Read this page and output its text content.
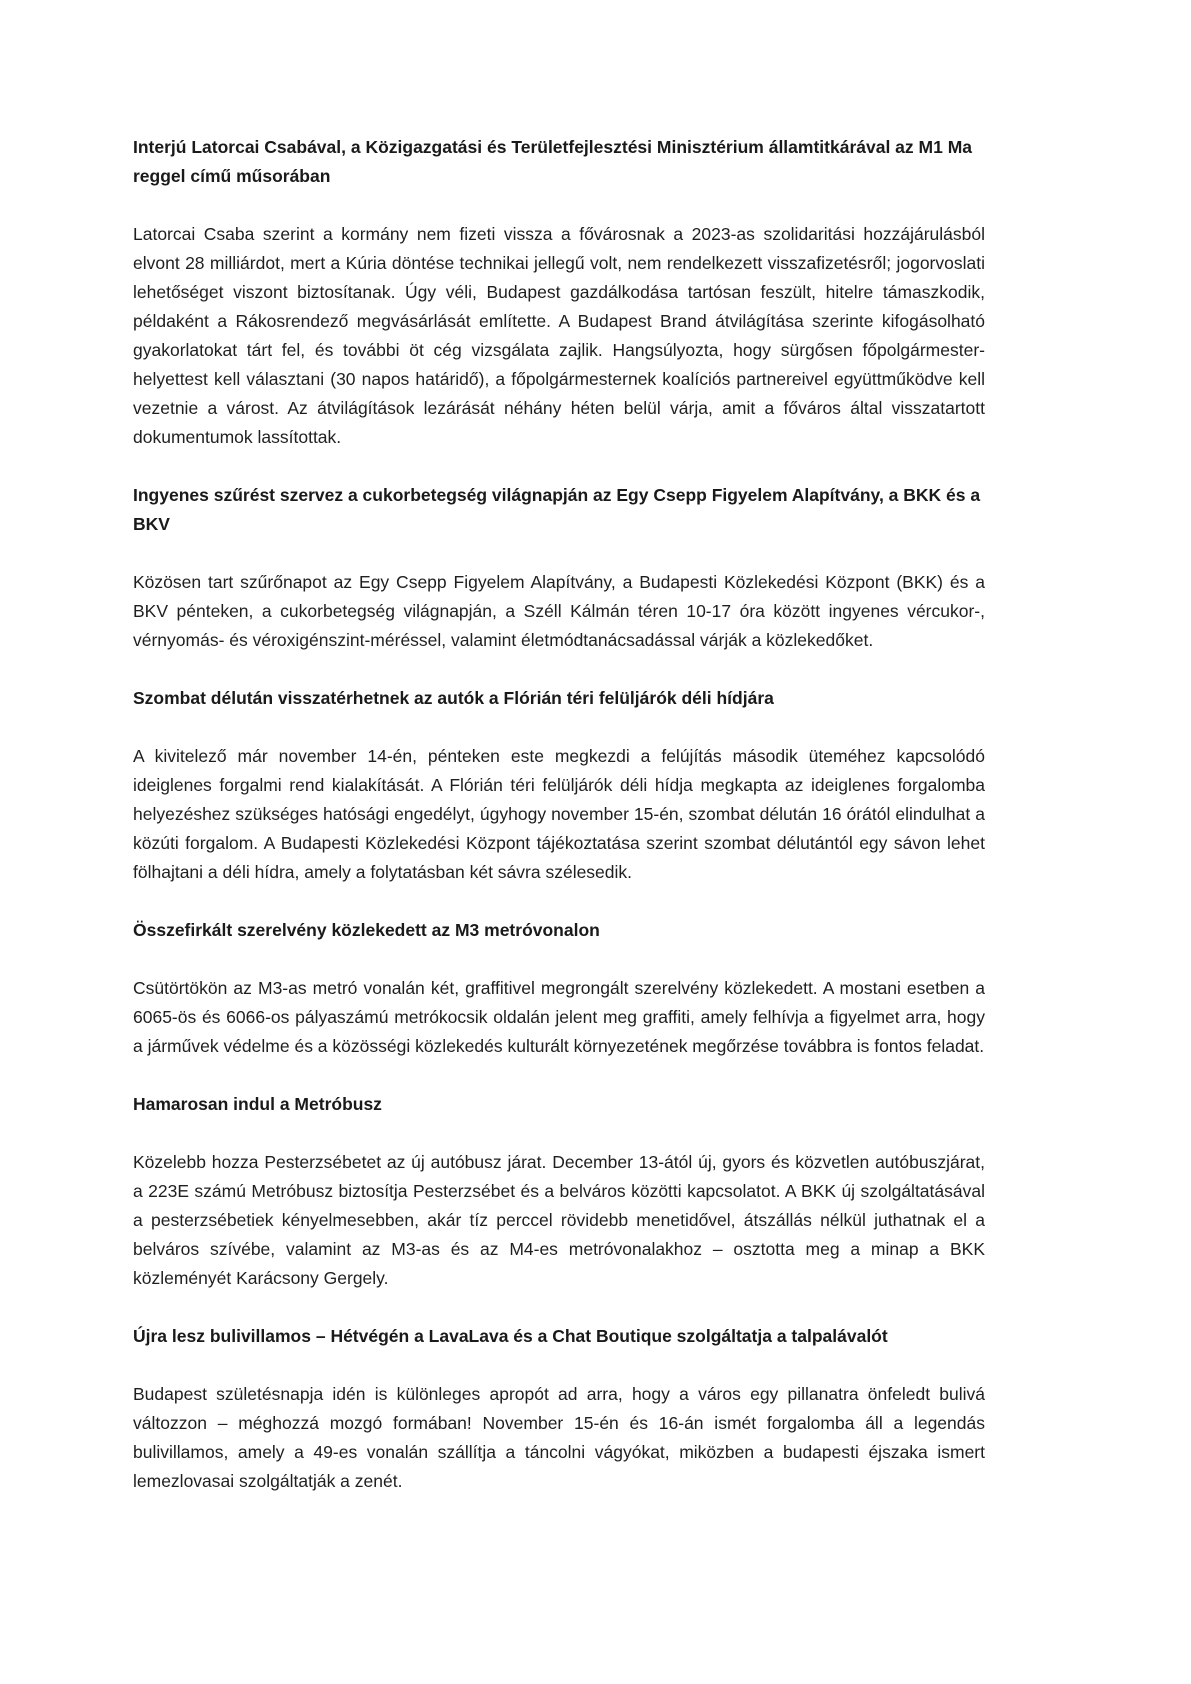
Interjú Latorcai Csabával, a Közigazgatási és Területfejlesztési Minisztérium államtitkárával az M1 Ma reggel című műsorában

Latorcai Csaba szerint a kormány nem fizeti vissza a fővárosnak a 2023-as szolidaritási hozzájárulásból elvont 28 milliárdot, mert a Kúria döntése technikai jellegű volt, nem rendelkezett visszafizetésről; jogorvoslati lehetőséget viszont biztosítanak. Úgy véli, Budapest gazdálkodása tartósan feszült, hitelre támaszkodik, példaként a Rákosrendező megvásárlását említette. A Budapest Brand átvilágítása szerinte kifogásolható gyakorlatokat tárt fel, és további öt cég vizsgálata zajlik. Hangsúlyozta, hogy sürgősen főpolgármester-helyettest kell választani (30 napos határidő), a főpolgármesternek koalíciós partnereivel együttműködve kell vezetnie a várost. Az átvilágítások lezárását néhány héten belül várja, amit a főváros által visszatartott dokumentumok lassítottak.

Ingyenes szűrést szervez a cukorbetegség világnapján az Egy Csepp Figyelem Alapítvány, a BKK és a BKV

Közösen tart szűrőnapot az Egy Csepp Figyelem Alapítvány, a Budapesti Közlekedési Központ (BKK) és a BKV pénteken, a cukorbetegség világnapján, a Széll Kálmán téren 10-17 óra között ingyenes vércukor-, vérnyomás- és véroxigénszint-méréssel, valamint életmódtanácsadással várják a közlekedőket.

Szombat délután visszatérhetnek az autók a Flórián téri felüljárók déli hídjára

A kivitelező már november 14-én, pénteken este megkezdi a felújítás második üteméhez kapcsolódó ideiglenes forgalmi rend kialakítását. A Flórián téri felüljárók déli hídja megkapta az ideiglenes forgalomba helyezéshez szükséges hatósági engedélyt, úgyhogy november 15-én, szombat délután 16 órától elindulhat a közúti forgalom. A Budapesti Közlekedési Központ tájékoztatása szerint szombat délutántól egy sávon lehet fölhajtani a déli hídra, amely a folytatásban két sávra szélesedik.

Összefirkált szerelvény közlekedett az M3 metróvonalon

Csütörtökön az M3-as metró vonalán két, graffitivel megrongált szerelvény közlekedett. A mostani esetben a 6065-ös és 6066-os pályaszámú metrókocsik oldalán jelent meg graffiti, amely felhívja a figyelmet arra, hogy a járművek védelme és a közösségi közlekedés kulturált környezetének megőrzése továbbra is fontos feladat.

Hamarosan indul a Metróbusz

Közelebb hozza Pesterzsébetet az új autóbusz járat. December 13-ától új, gyors és közvetlen autóbuszjárat, a 223E számú Metróbusz biztosítja Pesterzsébet és a belváros közötti kapcsolatot. A BKK új szolgáltatásával a pesterzsébetiek kényelmesebben, akár tíz perccel rövidebb menetidővel, átszállás nélkül juthatnak el a belváros szívébe, valamint az M3-as és az M4-es metróvonalakhoz – osztotta meg a minap a BKK közleményét Karácsony Gergely.

Újra lesz bulivillamos – Hétvégén a LavaLava és a Chat Boutique szolgáltatja a talpalávalót

Budapest születésnapja idén is különleges apropót ad arra, hogy a város egy pillanatra önfeledt bulivá változzon – méghozzá mozgó formában! November 15-én és 16-án ismét forgalomba áll a legendás bulivillamos, amely a 49-es vonalán szállítja a táncolni vágyókat, miközben a budapesti éjszaka ismert lemezlovasai szolgáltatják a zenét.
